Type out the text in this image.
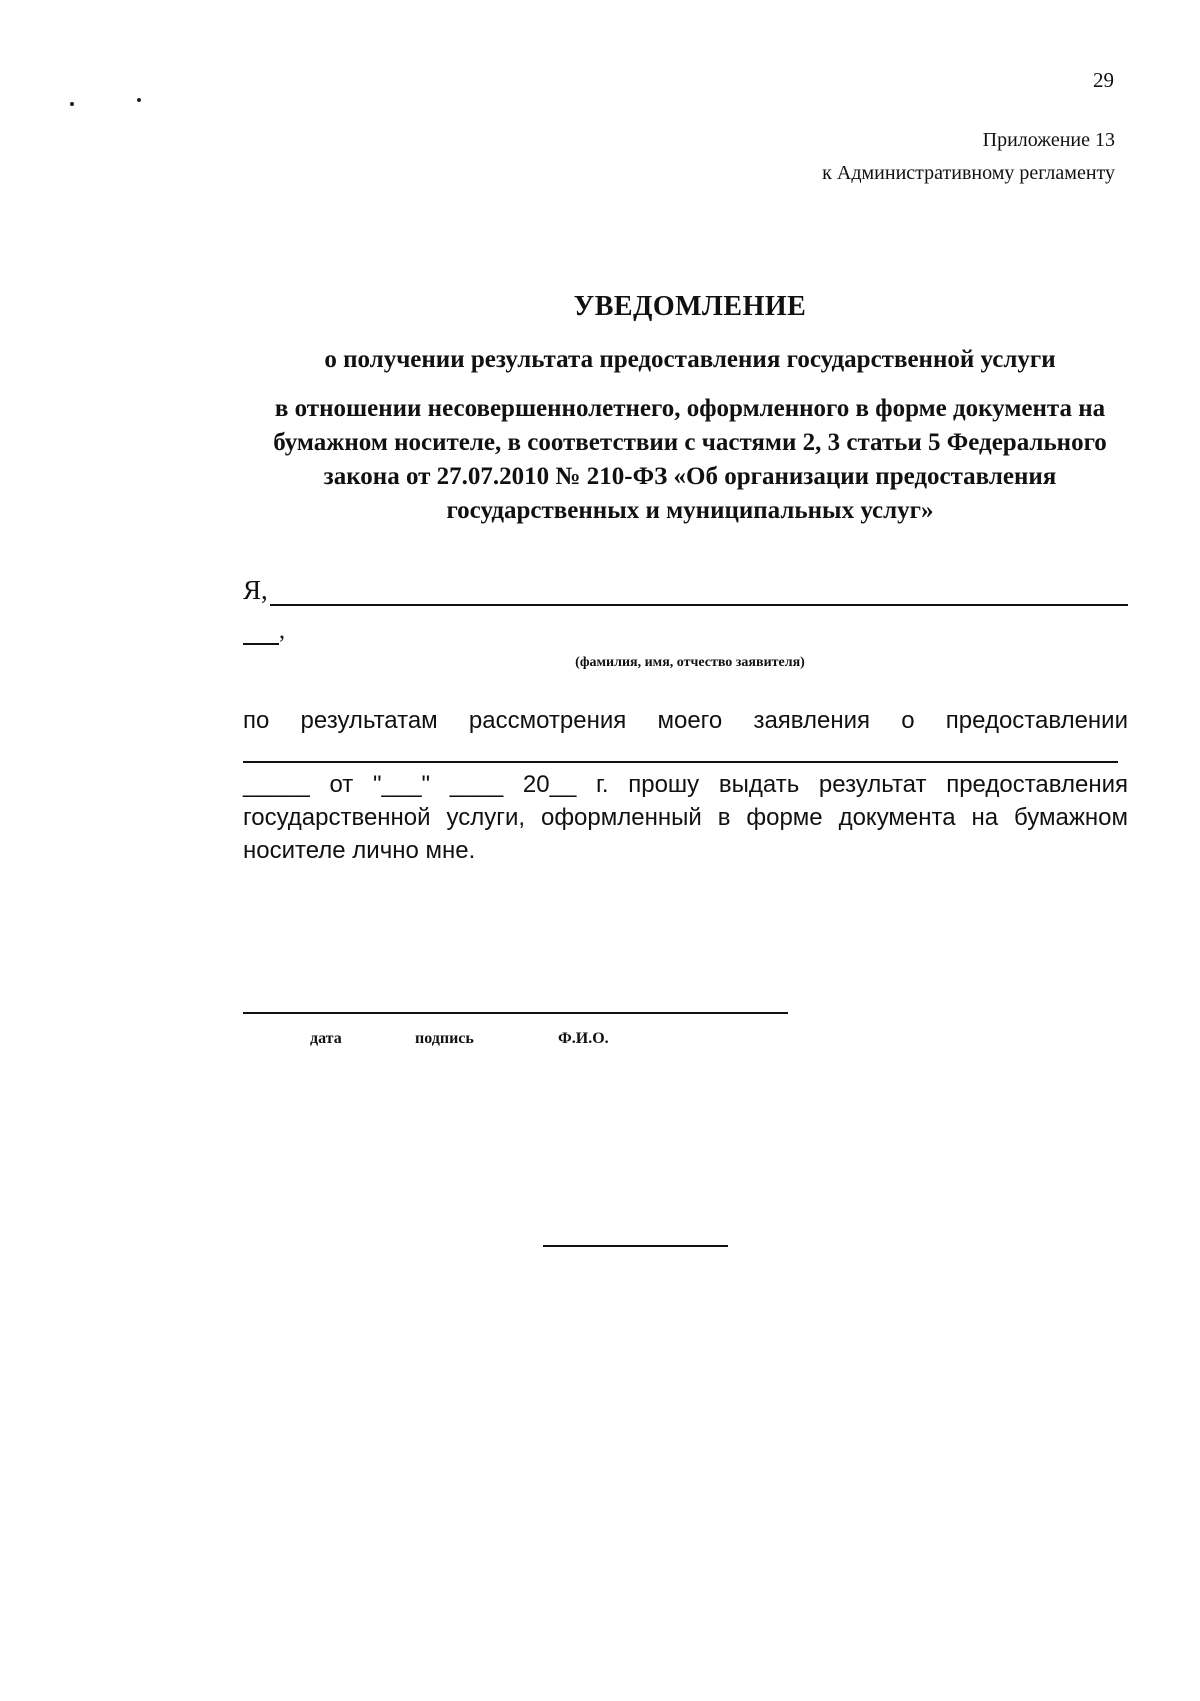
29
Приложение 13
к Административному регламенту
УВЕДОМЛЕНИЕ
о получении результата предоставления государственной услуги
в отношении несовершеннолетнего, оформленного в форме документа на бумажном носителе, в соответствии с частями 2, 3 статьи 5 Федерального закона от 27.07.2010 № 210-ФЗ «Об организации предоставления государственных и муниципальных услуг»
Я,
,
(фамилия, имя, отчество заявителя)
по результатам рассмотрения моего заявления о предоставлении
_____ от "___" ____ 20__ г. прошу выдать результат предоставления государственной услуги, оформленный в форме документа на бумажном носителе лично мне.
дата	подпись	Ф.И.О.
